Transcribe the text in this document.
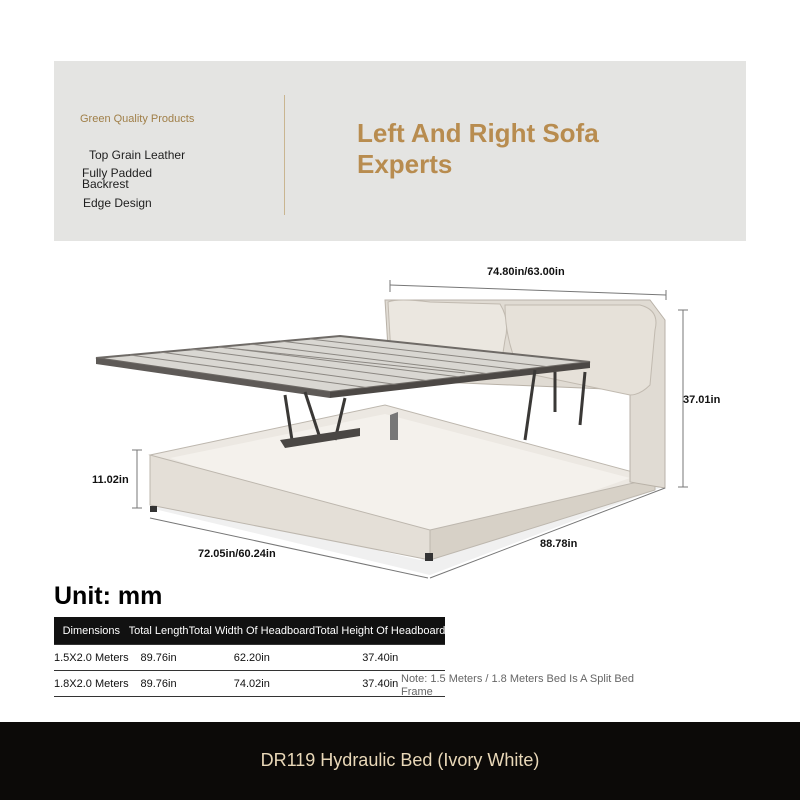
Green Quality Products
Top Grain Leather
Fully Padded Backrest
Edge Design
Left And Right Sofa Experts
74.80in/63.00in
37.01in
11.02in
72.05in/60.24in
88.78in
Unit: mm
Dimensions	Total Length	Total Width Of Headboard	Total Height Of Headboard
1.5X2.0 Meters	89.76in	62.20in	37.40in
1.8X2.0 Meters	89.76in	74.02in	37.40in Note: 1.5 Meters / 1.8 Meters Bed Is A Split Bed Frame
DR119 Hydraulic Bed (Ivory White)
